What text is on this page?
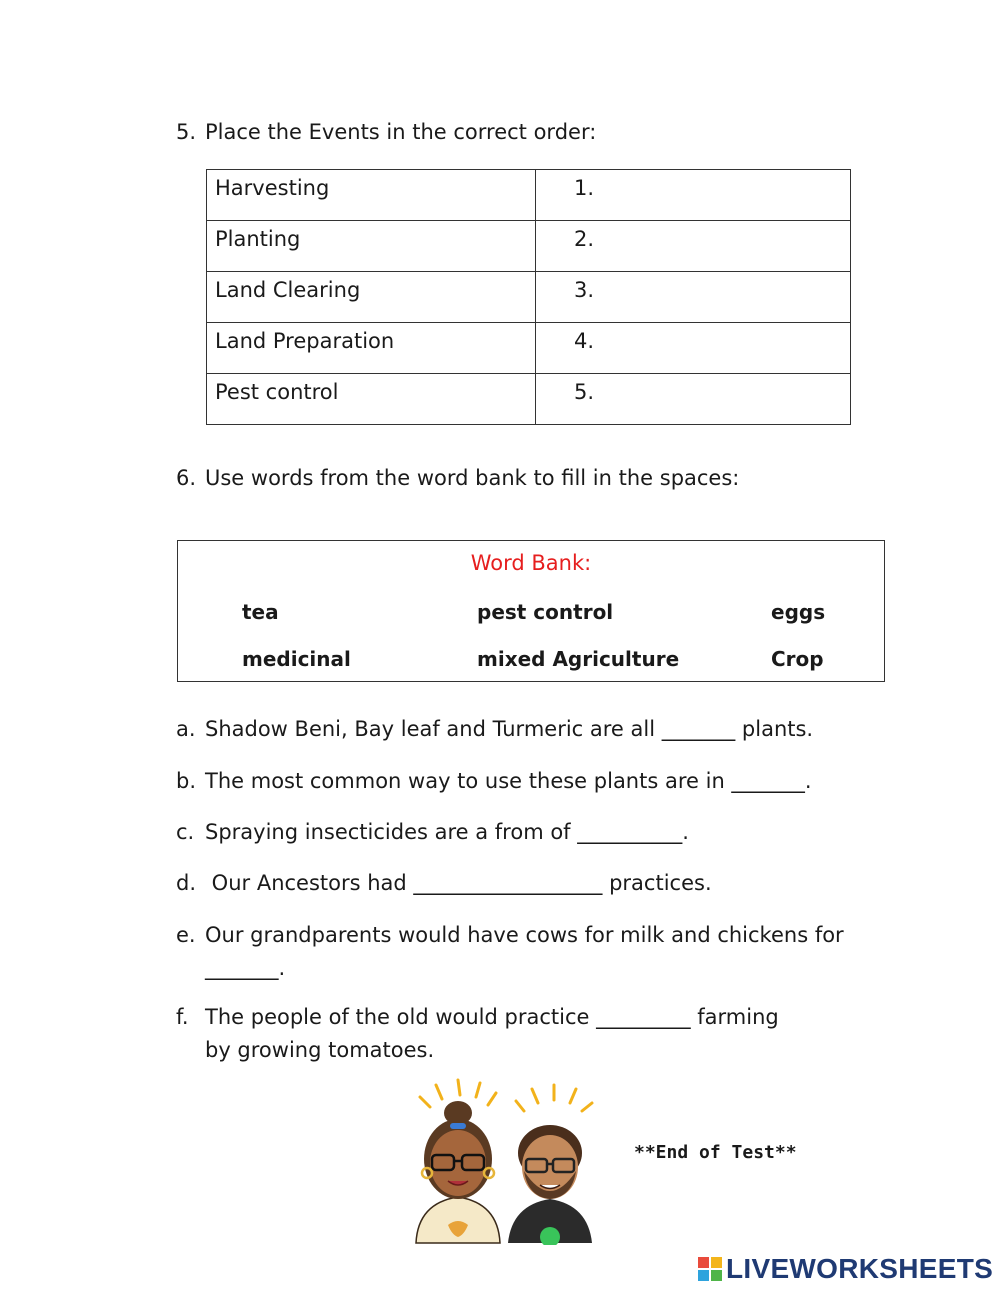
5. Place the Events in the correct order:
Harvesting	1.
Planting	2.
Land Clearing	3.
Land Preparation	4.
Pest control	5.
6. Use words from the word bank to fill in the spaces:
Word Bank:
tea	pest control	eggs
medicinal	mixed Agriculture	Crop
a. Shadow Beni, Bay leaf and Turmeric are all _______ plants.
b. The most common way to use these plants are in _______.
c. Spraying insecticides are a from of __________.
d. Our Ancestors had __________________ practices.
e. Our grandparents would have cows for milk and chickens for
_______.
f. The people of the old would practice _________ farming
by growing tomatoes.
**End of Test**
LIVEWORKSHEETS
